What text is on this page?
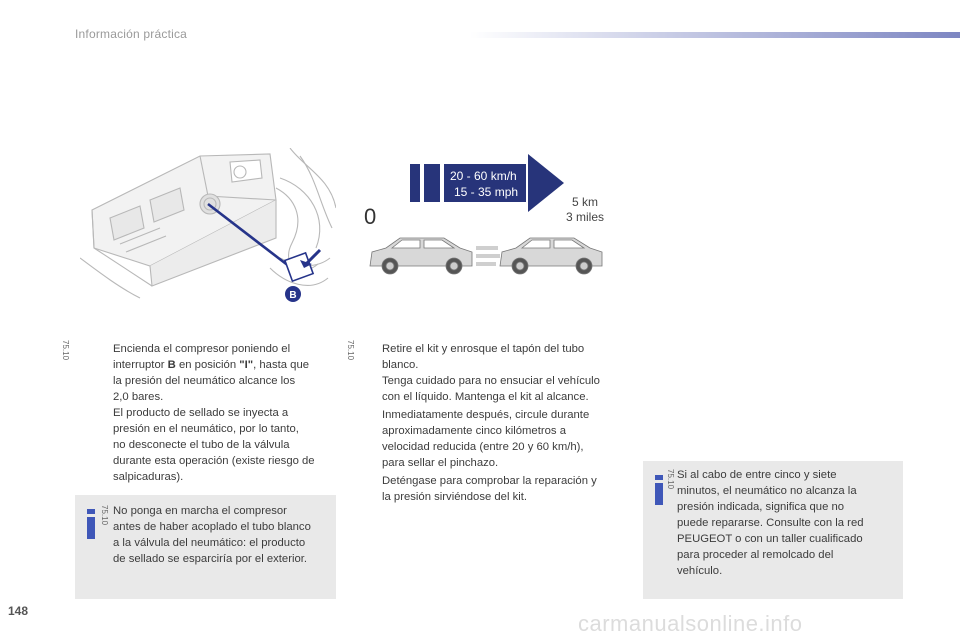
Información práctica
B
20 - 60 km/h
15 - 35 mph
0
5 km
3 miles
75.10	75.10

Encienda el compresor poniendo el

interruptor B en posición "I", hasta que

la presión del neumático alcance los

2,0 bares.

El producto de sellado se inyecta a

presión en el neumático, por lo tanto,

no desconecte el tubo de la válvula

durante esta operación (existe riesgo de

salpicaduras).

75.10 No ponga en marcha el compresor
antes de haber acoplado el tubo blanco
a la válvula del neumático: el producto
de sellado se esparciría por el exterior.

Retire el kit y enrosque el tapón del tubo

blanco.

Tenga cuidado para no ensuciar el vehículo

con el líquido. Mantenga el kit al alcance.

Inmediatamente después, circule durante

aproximadamente cinco kilómetros a

velocidad reducida (entre 20 y 60 km/h),

para sellar el pinchazo.

Deténgase para comprobar la reparación y

la presión sirviéndose del kit.

75.10 Si al cabo de entre cinco y siete
minutos, el neumático no alcanza la
presión indicada, significa que no
puede repararse. Consulte con la red
PEUGEOT o con un taller cualificado
para proceder al remolcado del
vehículo.
148	carmanualsonline.info
